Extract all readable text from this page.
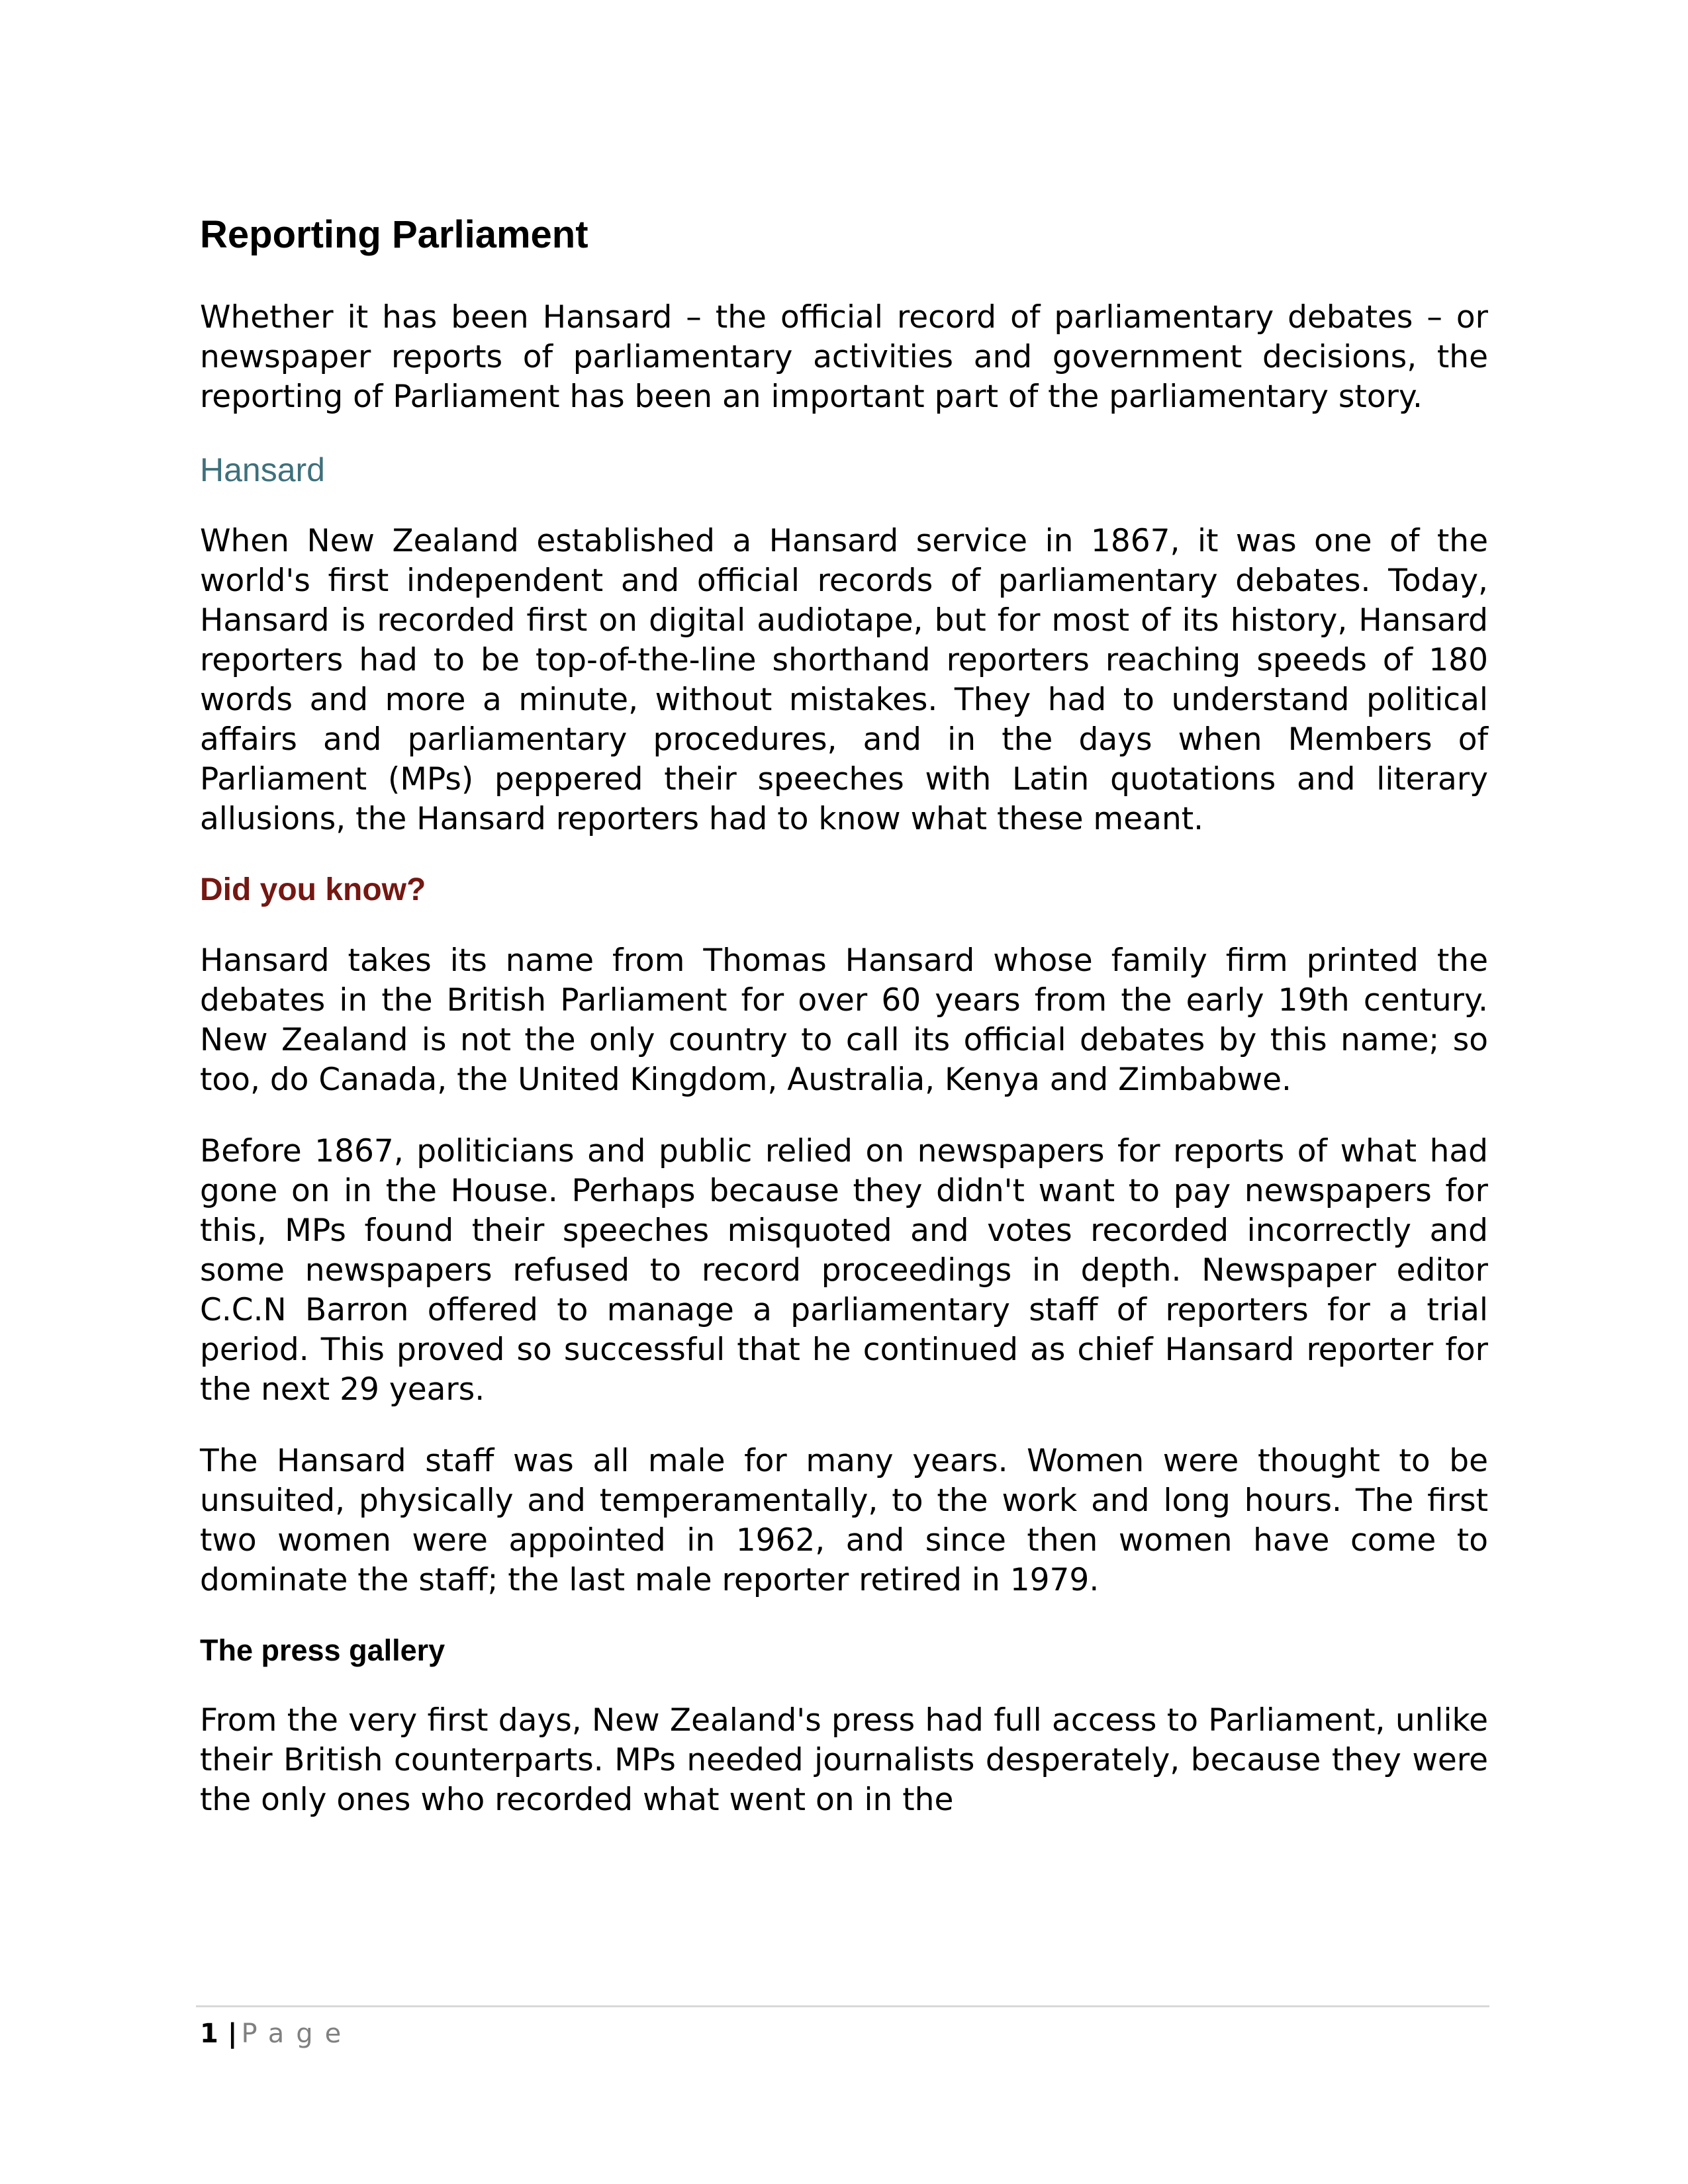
Reporting Parliament

Whether it has been Hansard – the official record of parliamentary debates – or newspaper reports of parliamentary activities and government decisions, the reporting of Parliament has been an important part of the parliamentary story.

Hansard

When New Zealand established a Hansard service in 1867, it was one of the world's first independent and official records of parliamentary debates. Today, Hansard is recorded first on digital audiotape, but for most of its history, Hansard reporters had to be top-of-the-line shorthand reporters reaching speeds of 180 words and more a minute, without mistakes. They had to understand political affairs and parliamentary procedures, and in the days when Members of Parliament (MPs) peppered their speeches with Latin quotations and literary allusions, the Hansard reporters had to know what these meant.

Did you know?

Hansard takes its name from Thomas Hansard whose family firm printed the debates in the British Parliament for over 60 years from the early 19th century. New Zealand is not the only country to call its official debates by this name; so too, do Canada, the United Kingdom, Australia, Kenya and Zimbabwe.

Before 1867, politicians and public relied on newspapers for reports of what had gone on in the House. Perhaps because they didn't want to pay newspapers for this, MPs found their speeches misquoted and votes recorded incorrectly and some newspapers refused to record proceedings in depth. Newspaper editor C.C.N Barron offered to manage a parliamentary staff of reporters for a trial period. This proved so successful that he continued as chief Hansard reporter for the next 29 years.

The Hansard staff was all male for many years. Women were thought to be unsuited, physically and temperamentally, to the work and long hours. The first two women were appointed in 1962, and since then women have come to dominate the staff; the last male reporter retired in 1979.

The press gallery

From the very first days, New Zealand's press had full access to Parliament, unlike their British counterparts. MPs needed journalists desperately, because they were the only ones who recorded what went on in the

1 | Page
